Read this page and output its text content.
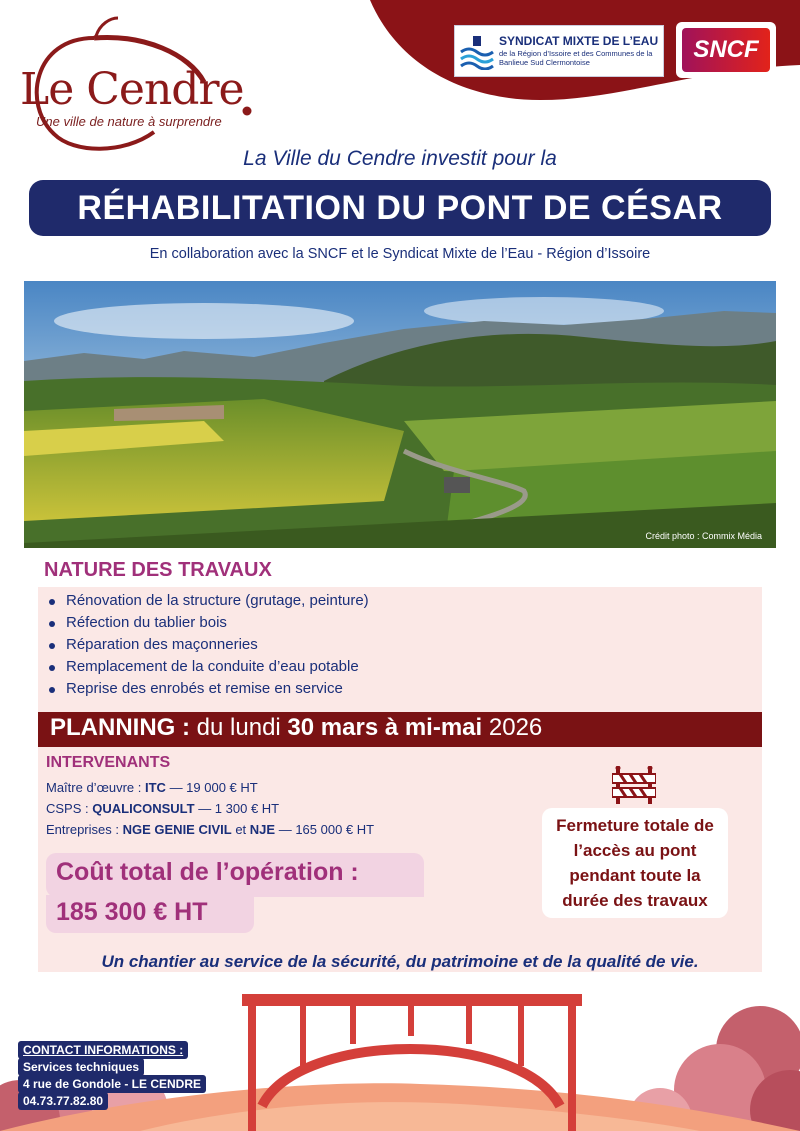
Le Cendre
Une ville de nature à surprendre
SYNDICAT MIXTE DE L’EAU
de la Région d’Issoire et des Communes de la Banlieue Sud Clermontoise	SNCF
La Ville du Cendre investit pour la
RÉHABILITATION DU PONT DE CÉSAR
En collaboration avec la SNCF et le Syndicat Mixte de l’Eau - Région d’Issoire
Crédit photo : Commix Média
NATURE DES TRAVAUX
Rénovation de la structure (grutage, peinture)
Réfection du tablier bois
Réparation des maçonneries
Remplacement de la conduite d’eau potable
Reprise des enrobés et remise en service
PLANNING : du lundi 30 mars à mi-mai 2026
INTERVENANTS
Maître d’œuvre : ITC — 19 000 € HT
CSPS : QUALICONSULT — 1 300 € HT
Entreprises : NGE GENIE CIVIL et NJE — 165 000 € HT
Coût total de l’opération :
185 300 € HT
Fermeture totale de l’accès au pont pendant toute la durée des travaux
Un chantier au service de la sécurité, du patrimoine et de la qualité de vie.
CONTACT INFORMATIONS :
Services techniques
4 rue de Gondole - LE CENDRE
04.73.77.82.80
